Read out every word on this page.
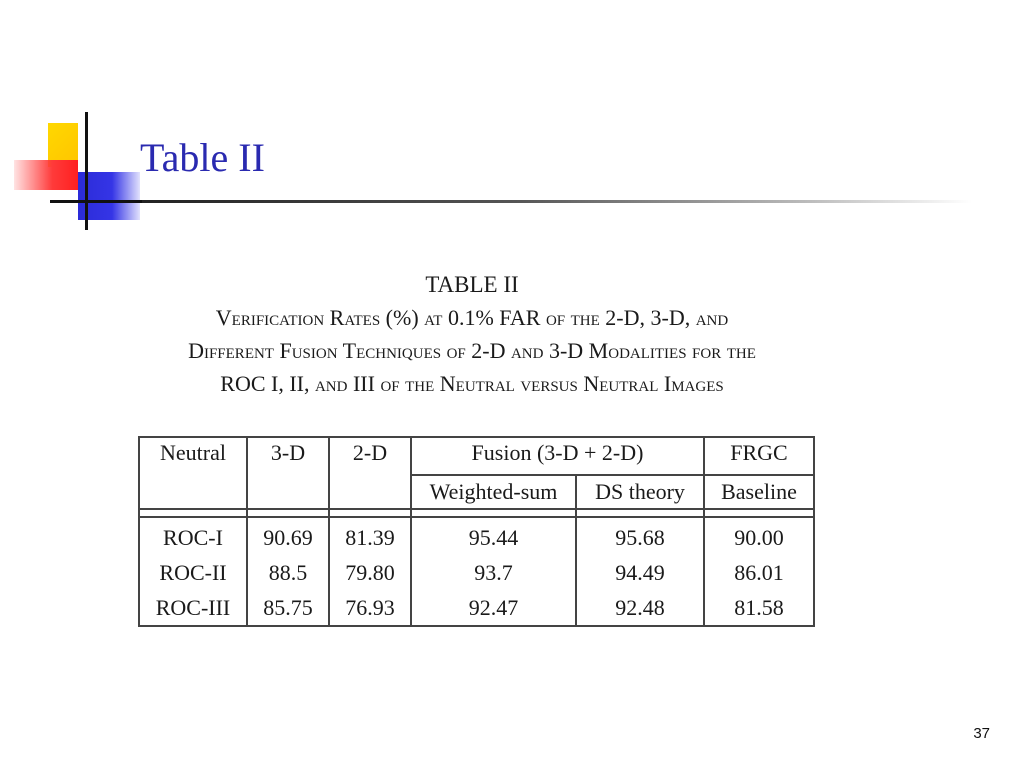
Table II
TABLE II
Verification Rates (%) at 0.1% FAR of the 2-D, 3-D, and
Different Fusion Techniques of 2-D and 3-D Modalities for the
ROC I, II, and III of the Neutral versus Neutral Images
Neutral	3-D	2-D	Fusion (3-D + 2-D)		FRGC
			Weighted-sum	DS theory	Baseline

ROC-I	90.69	81.39	95.44	95.68	90.00
ROC-II	88.5	79.80	93.7	94.49	86.01
ROC-III	85.75	76.93	92.47	92.48	81.58
37
